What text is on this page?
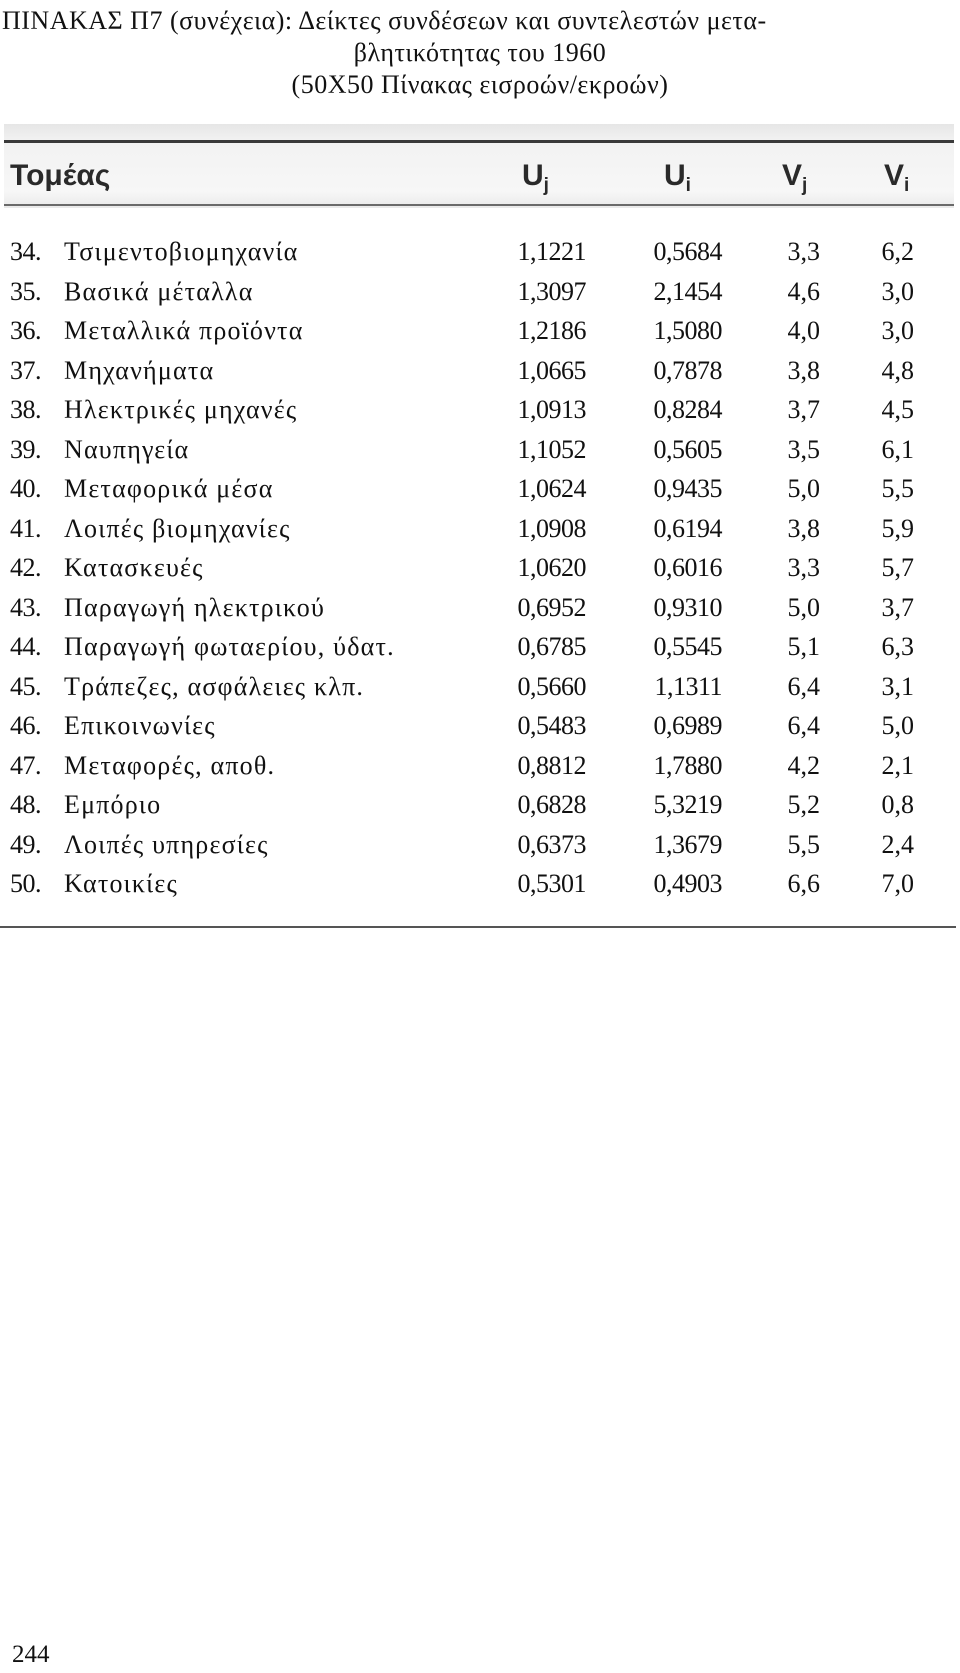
ΠΙΝΑΚΑΣ Π7 (συνέχεια): Δείκτες συνδέσεων και συντελεστών μετα-
βλητικότητας του 1960
(50Χ50 Πίνακας εισροών/εκροών)
Τομέας	$U_j$	$U_i$	$V_j$	$V_i$
34. Τσιμεντοβιομηχανία	1,1221	0,5684	3,3	6,2
35. Βασικά μέταλλα	1,3097	2,1454	4,6	3,0
36. Μεταλλικά προϊόντα	1,2186	1,5080	4,0	3,0
37. Μηχανήματα	1,0665	0,7878	3,8	4,8
38. Ηλεκτρικές μηχανές	1,0913	0,8284	3,7	4,5
39. Ναυπηγεία	1,1052	0,5605	3,5	6,1
40. Μεταφορικά μέσα	1,0624	0,9435	5,0	5,5
41. Λοιπές βιομηχανίες	1,0908	0,6194	3,8	5,9
42. Κατασκευές	1,0620	0,6016	3,3	5,7
43. Παραγωγή ηλεκτρικού	0,6952	0,9310	5,0	3,7
44. Παραγωγή φωταερίου, ύδατ.	0,6785	0,5545	5,1	6,3
45. Τράπεζες, ασφάλειες κλπ.	0,5660	1,1311	6,4	3,1
46. Επικοινωνίες	0,5483	0,6989	6,4	5,0
47. Μεταφορές, αποθ.	0,8812	1,7880	4,2	2,1
48. Εμπόριο	0,6828	5,3219	5,2	0,8
49. Λοιπές υπηρεσίες	0,6373	1,3679	5,5	2,4
50. Κατοικίες	0,5301	0,4903	6,6	7,0
244
